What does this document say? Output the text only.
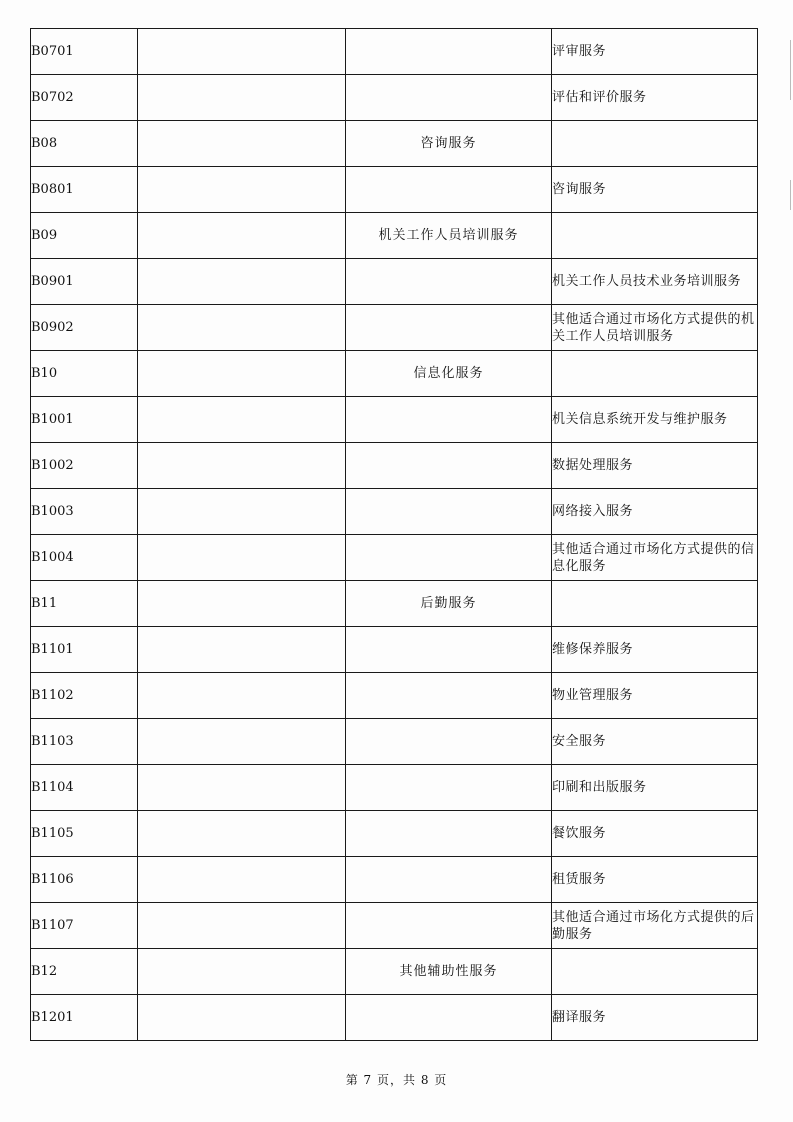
B0701			评审服务
B0702			评估和评价服务
B08		咨询服务	
B0801			咨询服务
B09		机关工作人员培训服务	
B0901			机关工作人员技术业务培训服务
B0902			其他适合通过市场化方式提供的机关工作人员培训服务
B10		信息化服务	
B1001			机关信息系统开发与维护服务
B1002			数据处理服务
B1003			网络接入服务
B1004			其他适合通过市场化方式提供的信息化服务
B11		后勤服务	
B1101			维修保养服务
B1102			物业管理服务
B1103			安全服务
B1104			印刷和出版服务
B1105			餐饮服务
B1106			租赁服务
B1107			其他适合通过市场化方式提供的后勤服务
B12		其他辅助性服务	
B1201			翻译服务
第 7 页，共 8 页
